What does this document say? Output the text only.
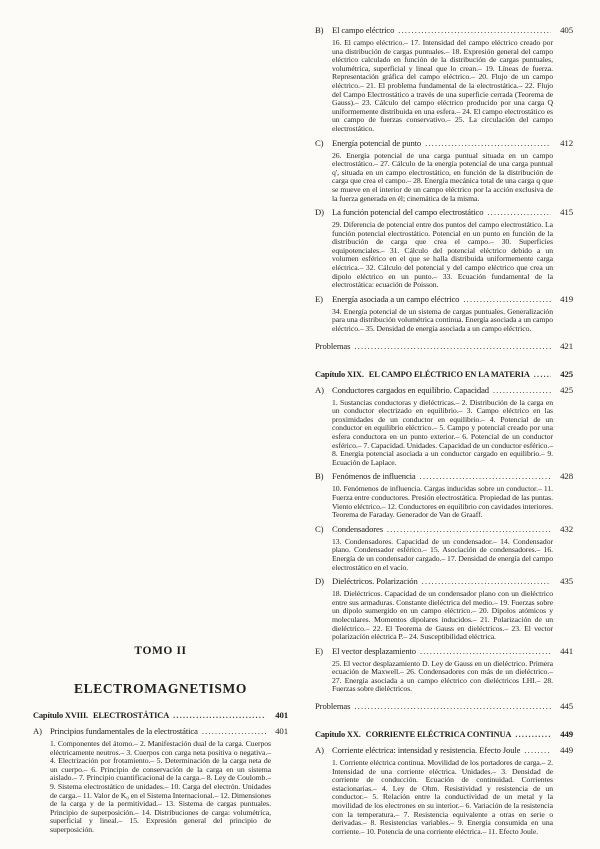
TOMO II
ELECTROMAGNETISMO
Capítulo XVIII. ELECTROSTÁTICA .....	401
A) Principios fundamentales de la electrostática .....	401

1. Componentes del átomo.– 2. Manifestación dual de la carga. Cuerpos eléctricamente neutros.– 3. Cuerpos con carga neta positiva o negativa.– 4. Electrización por frotamiento.– 5. Determinación de la carga neta de un cuerpo.– 6. Principio de conservación de la carga en un sistema aislado.– 7. Principio cuantificacional de la carga.– 8. Ley de Coulomb.– 9. Sistema electrostático de unidades.– 10. Carga del electrón. Unidades de carga.– 11. Valor de K₀ en el Sistema Internacional.– 12. Dimensiones de la carga y de la permitividad.– 13. Sistema de cargas puntuales. Principio de superposición.– 14. Distribuciones de carga: volumétrica, superficial y lineal.– 15. Expresión general del principio de superposición.

B)	El campo eléctrico .....	405

16. El campo eléctrico.– 17. Intensidad del campo eléctrico creado por una distribución de cargas puntuales.– 18. Expresión general del campo eléctrico calculado en función de la distribución de cargas puntuales, volumétrica, superficial y lineal que lo crean.– 19. Líneas de fuerza. Representación gráfica del campo eléctrico.– 20. Flujo de un campo eléctrico.– 21. El problema fundamental de la electrostática.– 22. Flujo del Campo Electrostático a través de una superficie cerrada (Teorema de Gauss).– 23. Cálculo del campo eléctrico producido por una carga Q uniformemente distribuida en una esfera.– 24. El campo electrostático es un campo de fuerzas conservativo.– 25. La circulación del campo electrostático.

C)	Energía potencial de punto .....	412

26. Energía potencial de una carga puntual situada en un campo electrostático.– 27. Cálculo de la energía potencial de una carga puntual q', situada en un campo electrostático, en función de la distribución de carga que crea el campo.– 28. Energía mecánica total de una carga q que se mueve en el interior de un campo eléctrico por la acción exclusiva de la fuerza generada en él; cinemática de la misma.

D) La función potencial del campo electrostático .....	415

29. Diferencia de potencial entre dos puntos del campo electrostático. La función potencial electrostático. Potencial en un punto en función de la distribución de carga que crea el campo.– 30. Superficies equipotenciales.– 31. Cálculo del potencial eléctrico debido a un volumen esférico en el que se halla distribuida uniformemente carga eléctrica.– 32. Cálculo del potencial y del campo eléctrico que crea un dipolo eléctrico en un punto.– 33. Ecuación fundamental de la electrostática: ecuación de Poisson.

E)	Energía asociada a un campo eléctrico .....	419

34. Energía potencial de un sistema de cargas puntuales. Generalización para una distribución volumétrica continua. Energía asociada a un campo eléctrico.– 35. Densidad de energía asociada a un campo eléctrico.

Problemas .....	421
Capítulo XIX. EL CAMPO ELÉCTRICO EN LA MATERIA .....	425
A) Conductores cargados en equilibrio. Capacidad .....	425

1. Sustancias conductoras y dieléctricas.– 2. Distribución de la carga en un conductor electrizado en equilibrio.– 3. Campo eléctrico en las proximidades de un conductor en equilibrio.– 4. Potencial de un conductor en equilibrio eléctrico.– 5. Campo y potencial creado por una esfera conductora en un punto exterior.– 6. Potencial de un conductor esférico.– 7. Capacidad. Unidades. Capacidad de un conductor esférico.– 8. Energía potencial asociada a un conductor cargado en equilibrio.– 9. Ecuación de Laplace.

B)	Fenómenos de influencia .....	428

10. Fenómenos de influencia. Cargas inducidas sobre un conductor.– 11. Fuerza entre conductores. Presión electrostática. Propiedad de las puntas. Viento eléctrico.– 12. Conductores en equilibrio con cavidades interiores. Teorema de Faraday. Generador de Van de Graaff.

C)	Condensadores .....	432

13. Condensadores. Capacidad de un condensador.– 14. Condensador plano. Condensador esférico.– 15. Asociación de condensadores.– 16. Energía de un condensador cargado.– 17. Densidad de energía del campo electrostático en el vacío.

D) Dieléctricos. Polarización .....	435

18. Dieléctricos. Capacidad de un condensador plano con un dieléctrico entre sus armaduras. Constante dieléctrica del medio.– 19. Fuerzas sobre un dipolo sumergido en un campo eléctrico.– 20. Dipolos atómicos y moleculares. Momentos dipolares inducidos.– 21. Polarización de un dieléctrico.– 22. El Teorema de Gauss en dieléctricos.– 23. El vector polarización eléctrica P.– 24. Susceptibilidad eléctrica.

E)	El vector desplazamiento .....	441

25. El vector desplazamiento D. Ley de Gauss en un dieléctrico. Primera ecuación de Maxwell.– 26. Condensadores con más de un dieléctrico.– 27. Energía asociada a un campo eléctrico con dieléctricos LHI.– 28. Fuerzas sobre dieléctricos.

Problemas .....	445
Capitulo XX. CORRIENTE ELÉCTRICA CONTINUA .....	449
A) Corriente eléctrica: intensidad y resistencia. Efecto Joule .....	449

1. Corriente eléctrica continua. Movilidad de los portadores de carga.– 2. Intensidad de una corriente eléctrica. Unidades.– 3. Densidad de corriente de conducción. Ecuación de continuidad. Corrientes estacionarias.– 4. Ley de Ohm. Resistividad y resistencia de un conductor.– 5. Relación entre la conductividad de un metal y la movilidad de los electrones en su interior.– 6. Variación de la resistencia con la temperatura.– 7. Resistencia equivalente a otras en serie o derivadas.– 8. Resistencias variables.– 9. Energía consumida en una corriente.– 10. Potencia de una corriente eléctrica.– 11. Efecto Joule.
